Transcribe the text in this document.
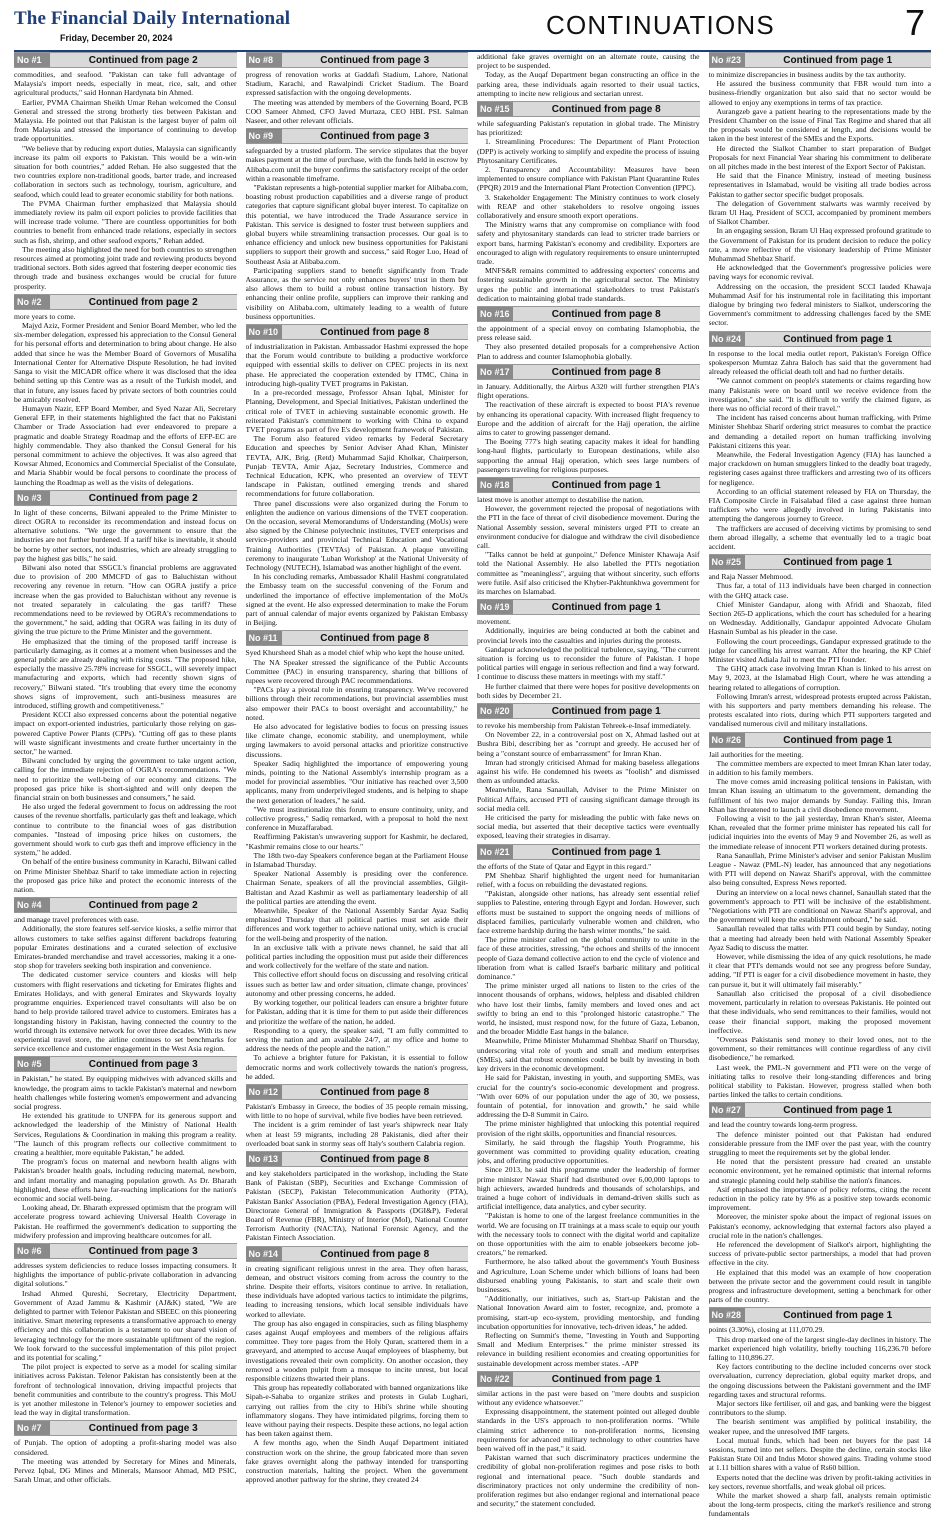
The Financial Daily International
Friday, December 20, 2024	CONTINUATIONS	7
No #1	Continued from page 2

commodities, and seafood. "Pakistan can take full advantage of Malaysia's import needs, especially in meat, rice, salt, and other agricultural products," said Honnan Hardynata bin Ahmed.

Earlier, PVMA Chairman Sheikh Umar Rehan welcomed the Consul General and stressed the strong brotherly ties between Pakistan and Malaysia. He pointed out that Pakistan is the largest buyer of palm oil from Malaysia and stressed the importance of continuing to develop trade opportunities.

"We believe that by reducing export duties, Malaysia can significantly increase its palm oil exports to Pakistan. This would be a win-win situation for both countries," added Rehan. He also suggested that the two countries explore non-traditional goods, barter trade, and increased collaboration in sectors such as technology, tourism, agriculture, and seafood, which could lead to greater economic stability for both nations.

The PVMA Chairman further emphasized that Malaysia should immediately review its palm oil export policies to provide facilities that will increase trade volume. "There are countless opportunities for both countries to benefit from enhanced trade relations, especially in sectors such as fish, shrimp, and other seafood exports," Rehan added.

The meeting also highlighted the need for both countries to strengthen resources aimed at promoting joint trade and reviewing products beyond traditional sectors. Both sides agreed that fostering deeper economic ties through trade and business exchanges would be crucial for future prosperity.

No #2	Continued from page 2

more years to come.

Majyd Aziz, Former President and Senior Board Member, who led the six-member delegation, expressed his appreciation to the Consul General for his personal efforts and determination to bring about change. He also added that since he was the Member Board of Governors of Musaliha International Center for Alternative Dispute Resolution, he had invited Sanga to visit the MICADR office where it was disclosed that the idea behind setting up this Centre was as a result of the Turkish model, and that in future, any issues faced by private sectors of both countries could be amicably resolved.

Humayun Nazir, EFP Board Member, and Syed Nazar Ali, Secretary General EFP, in their statements highlighted the fact that no Pakistani Chamber or Trade Association had ever endeavored to prepare a pragmatic and doable Strategy Roadmap and the efforts of EFP-EC are highly commendable. They also thanked the Consul General for his personal commitment to achieve the objectives. It was also agreed that Kowsar Ahmed, Economics and Commercial Specialist of the Consulate, and Maria Shabbir would be focal persons to coordinate the process of launching the Roadmap as well as the visits of delegations.

No #3	Continued from page 2

In light of these concerns, Bilwani appealed to the Prime Minister to direct OGRA to reconsider its recommendation and instead focus on alternative solutions. "We urge the government to ensure that the industries are not further burdened. If a tariff hike is inevitable, it should be borne by other sectors, not industries, which are already struggling to pay the highest gas bills," he said.

Bilwani also noted that SSGCL's financial problems are aggravated due to provision of 200 MMCFD of gas to Baluchistan without recovering any revenue in return. "How can OGRA justify a price increase when the gas provided to Baluchistan without any revenue is not treated separately in calculating the gas tariff? These recommendations need to be reviewed by OGRA's recommendations to the government," he said, adding that OGRA was failing in its duty of giving the true picture to the Prime Minister and the government.

He emphasized that the timing of the proposed tariff increase is particularly damaging, as it comes at a moment when businesses and the general public are already dealing with rising costs. "The proposed hike, especially the massive 25.78% increase for SSGCL, will severely impact manufacturing and exports, which had recently shown signs of recovery," Bilwani stated. "It's troubling that every time the economy shows signs of improvement, such anti-business measures are introduced, stifling growth and competitiveness."

President KCCI also expressed concerns about the potential negative impact on export-oriented industries, particularly those relying on gas-powered Captive Power Plants (CPPs). "Cutting off gas to these plants will waste significant investments and create further uncertainty in the sector," he warned.

Bilwani concluded by urging the government to take urgent action, calling for the immediate rejection of OGRA's recommendations. "We need to prioritize the well-being of our economy and citizens. The proposed gas price hike is short-sighted and will only deepen the financial strain on both businesses and consumers," he said.

He also urged the federal government to focus on addressing the root causes of the revenue shortfalls, particularly gas theft and leakage, which continue to contribute to the financial woes of gas distribution companies. "Instead of imposing price hikes on customers, the government should work to curb gas theft and improve efficiency in the system," he added.

On behalf of the entire business community in Karachi, Bilwani called on Prime Minister Shehbaz Sharif to take immediate action in rejecting the proposed gas price hike and protect the economic interests of the nation.

No #4	Continued from page 2

and manage travel preferences with ease.

Additionally, the store features self-service kiosks, a selfie mirror that allows customers to take selfies against different backdrops featuring popular Emirates destinations and a curated selection of exclusive Emirates-branded merchandise and travel accessories, making it a one-stop shop for travelers seeking both inspiration and convenience.

The dedicated customer service counters and kiosks will help customers with flight reservations and ticketing for Emirates flights and Emirates Holidays, and with general Emirates and Skywards loyalty programme enquiries. Experienced travel consultants will also be on hand to help provide tailored travel advice to customers. Emirates has a longstanding history in Pakistan, having connected the country to the world through its extensive network for over three decades. With its new experiential travel store, the airline continues to set benchmarks for service excellence and customer engagement in the West Asia region.

No #5	Continued from page 3

in Pakistan," he stated. By equipping midwives with advanced skills and knowledge, the program aims to tackle Pakistan's maternal and newborn health challenges while fostering women's empowerment and advancing social progress.

He extended his gratitude to UNFPA for its generous support and acknowledged the leadership of the Ministry of National Health Services, Regulations & Coordination in making this program a reality. "The launch of this program reflects our collective commitment to creating a healthier, more equitable Pakistan," he added.

The program's focus on maternal and newborn health aligns with Pakistan's broader health goals, including reducing maternal, newborn, and infant mortality and managing population growth. As Dr. Bharath highlighted, these efforts have far-reaching implications for the nation's economic and social well-being.

Looking ahead, Dr. Bharath expressed optimism that the program will accelerate progress toward achieving Universal Health Coverage in Pakistan. He reaffirmed the government's dedication to supporting the midwifery profession and improving healthcare outcomes for all.

No #6	Continued from page 3

addresses system deficiencies to reduce losses impacting consumers. It highlights the importance of public-private collaboration in advancing digital solutions."

Irshad Ahmed Qureshi, Secretary, Electricity Department, Government of Azad Jammu & Kashmir (AJ&K) stated, "We are delighted to partner with Telenor Pakistan and SBEEC on this pioneering initiative. Smart metering represents a transformative approach to energy efficiency and this collaboration is a testament to our shared vision of leveraging technology for the more sustainable upliftment of the region. We look forward to the successful implementation of this pilot project and its potential for scaling."

The pilot project is expected to serve as a model for scaling similar initiatives across Pakistan. Telenor Pakistan has consistently been at the forefront of technological innovation, driving impactful projects that benefit communities and contribute to the country's progress. This MoU is yet another milestone in Telenor's journey to empower societies and lead the way in digital transformation.

No #7	Continued from page 3

of Punjab. The option of adopting a profit-sharing model was also considered.

The meeting was attended by Secretary for Mines and Minerals, Pervez Iqbal, DG Mines and Minerals, Mansoor Ahmad, MD PSIC, Sarah Umar, and other officials.

No #8	Continued from page 3

progress of renovation works at Gaddafi Stadium, Lahore, National Stadium, Karachi, and Rawalpindi Cricket Stadium. The Board expressed satisfaction with the ongoing developments.

The meeting was attended by members of the Governing Board, PCB COO Sameer Ahmed, CFO Javed Murtaza, CEO HBL PSL Salman Naseer, and other relevant officials.

No #9	Continued from page 3

safeguarded by a trusted platform. The service stipulates that the buyer makes payment at the time of purchase, with the funds held in escrow by Alibaba.com until the buyer confirms the satisfactory receipt of the order within a reasonable timeframe.

"Pakistan represents a high-potential supplier market for Alibaba.com, boasting robust production capabilities and a diverse range of product categories that capture significant global buyer interest. To capitalize on this potential, we have introduced the Trade Assurance service in Pakistan. This service is designed to foster trust between suppliers and global buyers while streamlining transaction processes. Our goal is to enhance efficiency and unlock new business opportunities for Pakistani suppliers to support their growth and success," said Roger Luo, Head of Southeast Asia at Alibaba.com.

Participating suppliers stand to benefit significantly from Trade Assurance, as the service not only enhances buyers' trust in them but also allows them to build a robust online transaction history. By enhancing their online profile, suppliers can improve their ranking and visibility on Alibaba.com, ultimately leading to a wealth of future business opportunities.

No #10	Continued from page 8

of industrialization in Pakistan. Ambassador Hashmi expressed the hope that the Forum would contribute to building a productive workforce equipped with essential skills to deliver on CPEC projects in its next phase. He appreciated the cooperation extended by ITMC, China in introducing high-quality TVET programs in Pakistan.

In a pre-recorded message, Professor Ahsan Iqbal, Minister for Planning, Development, and Special Initiatives, Pakistan underlined the critical role of TVET in achieving sustainable economic growth. He reiterated Pakistan's commitment to working with China to expand TVET programs as part of five E's development framework of Pakistan.

The Forum also featured video remarks by Federal Secretary Education and speeches by Senior Adviser Ahad Khan, Minister TEVTA, AJK, Brig. (Retd) Muhammad Sajid Kholkar, Chairperson, Punjab TEVTA, Amir Ajaz, Secretary Industries, Commerce and Technical Education, KPK, who presented an overview of TEVT landscape in Pakistan, outlined emerging trends and shared recommendations for future collaboration.

Three panel discussions were also organized during the Forum to enlighten the audience on various dimensions of the TVET cooperation. On the occasion, several Memorandums of Understanding (MoUs) were also signed by the Chinese polytechnic institutes, TVET enterprises and service-providers and provincial Technical Education and Vocational Training Authorities (TEVTAs) of Pakistan. A plaque unveiling ceremony to inaugurate 'Luban Workshop' at the National University of Technology (NUTECH), Islamabad was another highlight of the event.

In his concluding remarks, Ambassador Khalil Hashmi congratulated the Embassy team on the successful convening of the Forum and underlined the importance of effective implementation of the MoUs signed at the event. He also expressed determination to make the Forum part of annual calendar of major events organized by Pakistan Embassy in Beijing.

No #11	Continued from page 8

Syed Khursheed Shah as a model chief whip who kept the house united.

The NA Speaker stressed the significance of the Public Accounts Committee (PAC) in ensuring transparency, sharing that billions of rupees were recovered through PAC recommendations.

"PACs play a pivotal role in ensuring transparency. We've recovered billions through their recommendations, but provincial assemblies must also empower their PACs to boost oversight and accountability," he noted.

He also advocated for legislative bodies to focus on pressing issues like climate change, economic stability, and unemployment, while urging lawmakers to avoid personal attacks and prioritize constructive discussions.

Speaker Sadiq highlighted the importance of empowering young minds, pointing to the National Assembly's internship program as a model for provincial assemblies. "Our initiative has reached over 3,500 applicants, many from underprivileged students, and is helping to shape the next generation of leaders," he said.

"We must institutionalize this forum to ensure continuity, unity, and collective progress," Sadiq remarked, with a proposal to hold the next conference in Muzaffarabad.

Reaffirming Pakistan's unwavering support for Kashmir, he declared, "Kashmir remains close to our hearts."

The 18th two-day Speakers conference began at the Parliament House in Islamabad Thursday.

Speaker National Assembly is presiding over the conference. Chairman Senate, speakers of all the provincial assemblies, Gilgit-Baltistan and Azad Kashmir as well as parliamentary leadership of all the political parties are attending the event.

Meanwhile, Speaker of the National Assembly Sardar Ayaz Sadiq emphasized Thursday that all political parties must set aside their differences and work together to achieve national unity, which is crucial for the well-being and prosperity of the nation.

In an exclusive talk with a private news channel, he said that all political parties including the opposition must put aside their differences and work collectively for the welfare of the state and nation.

This collective effort should focus on discussing and resolving critical issues such as better law and order situation, climate change, provinces' autonomy and other pressing concerns, he added.

By working together, our political leaders can ensure a brighter future for Pakistan, adding that it is time for them to put aside their differences and prioritize the welfare of the nation, he added.

Responding to a query, the speaker said, "I am fully committed to serving the nation and am available 24/7, at my office and home to address the needs of the people and the nation."

To achieve a brighter future for Pakistan, it is essential to follow democratic norms and work collectively towards the nation's progress, he added.

No #12	Continued from page 8

Pakistan's Embassy in Greece, the bodies of 35 people remain missing, with little to no hope of survival, while five bodies have been retrieved.

The incident is a grim reminder of last year's shipwreck near Italy when at least 59 migrants, including 28 Pakistanis, died after their overloaded boat sank in stormy seas off Italy's southern Calabria region.

No #13	Continued from page 8

and key stakeholders participated in the workshop, including the State Bank of Pakistan (SBP), Securities and Exchange Commission of Pakistan (SECP), Pakistan Telecommunication Authority (PTA), Pakistan Banks' Association (PBA), Federal Investigation Agency (FIA), Directorate General of Immigration & Passports (DGI&P), Federal Board of Revenue (FBR), Ministry of Interior (MoI), National Counter Terrorism Authority (NACTA), National Forensic Agency, and the Pakistan Fintech Association.

No #14	Continued from page 8

in creating significant religious unrest in the area. They often harass, demean, and obstruct visitors coming from across the country to the shrine. Despite their efforts, visitors continue to arrive. In retaliation, these individuals have adopted various tactics to intimidate the pilgrims, leading to increasing tensions, which local sensible individuals have worked to alleviate.

The group has also engaged in conspiracies, such as filing blasphemy cases against Auqaf employees and members of the religious affairs committee. They tore pages from the Holy Quran, scattered them in a graveyard, and attempted to accuse Auqaf employees of blasphemy, but investigations revealed their own complicity. On another occasion, they removed a wooden pulpit from a mosque to incite unrest, but local responsible citizens thwarted their plans.

This group has repeatedly collaborated with banned organizations like Sipah-e-Sahaba to organize strikes and protests in Gulab Lughari, carrying out rallies from the city to Hibi's shrine while shouting inflammatory slogans. They have intimidated pilgrims, forcing them to leave without paying their respects. Despite these actions, no legal action has been taken against them.

A few months ago, when the Sindh Auqaf Department initiated construction work on the shrine, the group fabricated more than seven fake graves overnight along the pathway intended for transporting construction materials, halting the project. When the government approved another pathway for the shrine, they created 24

additional fake graves overnight on an alternate route, causing the project to be suspended.

Today, as the Auqaf Department began constructing an office in the parking area, these individuals again resorted to their usual tactics, attempting to incite new religious and sectarian unrest.

No #15	Continued from page 8

while safeguarding Pakistan's reputation in global trade. The Ministry has prioritized:

1. Streamlining Procedures: The Department of Plant Protection (DPP) is actively working to simplify and expedite the process of issuing Phytosanitary Certificates.

2. Transparency and Accountability: Measures have been implemented to ensure compliance with Pakistan Plant Quarantine Rules (PPQR) 2019 and the International Plant Protection Convention (IPPC).

3. Stakeholder Engagement: The Ministry continues to work closely with REAP and other stakeholders to resolve ongoing issues collaboratively and ensure smooth export operations.

The Ministry warns that any compromise on compliance with food safety and phytosanitary standards can lead to stricter trade barriers or export bans, harming Pakistan's economy and credibility. Exporters are encouraged to align with regulatory requirements to ensure uninterrupted trade.

MNFS&R remains committed to addressing exporters' concerns and fostering sustainable growth in the agricultural sector. The Ministry urges the public and international stakeholders to trust Pakistan's dedication to maintaining global trade standards.

No #16	Continued from page 8

the appointment of a special envoy on combating Islamophobia, the press release said.

They also presented detailed proposals for a comprehensive Action Plan to address and counter Islamophobia globally.

No #17	Continued from page 8

in January. Additionally, the Airbus A320 will further strengthen PIA's flight operations.

The reactivation of these aircraft is expected to boost PIA's revenue by enhancing its operational capacity. With increased flight frequency to Europe and the addition of aircraft for the Hajj operation, the airline aims to cater to growing passenger demand.

The Boeing 777's high seating capacity makes it ideal for handling long-haul flights, particularly to European destinations, while also supporting the annual Hajj operation, which sees large numbers of passengers traveling for religious purposes.

No #18	Continued from page 1

latest move is another attempt to destabilise the nation.

However, the government rejected the proposal of negotiations with the PTI in the face of threat of civil disobedience movement. During the National Assembly session, several ministers urged PTI to create an environment conducive for dialogue and withdraw the civil disobedience call.

"Talks cannot be held at gunpoint," Defence Minister Khawaja Asif told the National Assembly. He also labelled the PTI's negotiation committee as "meaningless", arguing that without sincerity, such efforts were futile. Asif also criticised the Khyber-Pakhtunkhwa government for its marches on Islamabad.

No #19	Continued from page 1

movement.

Additionally, inquiries are being conducted at both the cabinet and provincial levels into the casualties and injuries during the protests.

Gandapur acknowledged the political turbulence, saying, "The current situation is forcing us to reconsider the future of Pakistan. I hope political parties will engage in serious reflection and find a way forward. I continue to discuss these matters in meetings with my staff."

He further claimed that there were hopes for positive developments on both sides by December 21.

No #20	Continued from page 1

to revoke his membership from Pakistan Tehreek-e-Insaf immediately.

On November 22, in a controversial post on X, Ahmad lashed out at Bushra Bibi, describing her as "corrupt and greedy. He accused her of being a "constant source of embarrassment" for Imran Khan.

Imran had strongly criticised Ahmad for making baseless allegations against his wife. He condemned his tweets as "foolish" and dismissed them as unfounded attacks.

Meanwhile, Rana Sanaullah, Adviser to the Prime Minister on Political Affairs, accused PTI of causing significant damage through its social media cell.

He criticised the party for misleading the public with fake news on social media, but asserted that their deceptive tactics were eventually exposed, leaving their strategies in disarray.

No #21	Continued from page 1

the efforts of the State of Qatar and Egypt in this regard."

PM Shehbaz Sharif highlighted the urgent need for humanitarian relief, with a focus on rebuilding the devastated regions.

"Pakistan, alongside other nations, has already sent essential relief supplies to Palestine, entering through Egypt and Jordan. However, such efforts must be sustained to support the ongoing needs of millions of displaced families, particularly vulnerable women and children, who face extreme hardship during the harsh winter months," he said.

The prime minister called on the global community to unite in the face of these atrocities, stressing, "the echoes and shrills of the innocent people of Gaza demand collective action to end the cycle of violence and liberation from what is called Israel's barbaric military and political dominance."

The prime minister urged all nations to listen to the cries of the innocent thousands of orphans, widows, helpless and disabled children who have lost their limbs, family members and loved ones and act swiftly to bring an end to this "prolonged historic catastrophe." The world, he insisted, must respond now, for the future of Gaza, Lebanon, and the broader Middle East hangs in the balance.

Meanwhile, Prime Minister Muhammad Shehbaz Sharif on Thursday, underscoring vital role of youth and small and medium enterprises (SMEs), said that robust economies could be built by investing in both key drivers in the economic development.

He said for Pakistan, investing in youth, and supporting SMEs, was crucial for the country's socio-economic development and progress. "With over 60% of our population under the age of 30, we possess, fountain of potential, for innovation and growth," he said while addressing the D-8 Summit in Cairo.

The prime minister highlighted that unlocking this potential required provision of the right skills, opportunities and financial resources.

Similarly, he said through the flagship Youth Programme, his government was committed to providing quality education, creating jobs, and offering productive opportunities.

Since 2013, he said this programme under the leadership of former prime minister Nawaz Sharif had distributed over 6,00,000 laptops to high achievers, awarded hundreds and thousands of scholarships, and trained a huge cohort of individuals in demand-driven skills such as artificial intelligence, data analytics, and cyber security.

"Pakistan is home to one of the largest freelance communities in the world. We are focusing on IT trainings at a mass scale to equip our youth with the necessary tools to connect with the digital world and capitalize on those opportunities with the aim to enable jobseekers become job-creators," he remarked.

Furthermore, he also talked about the government's Youth Business and Agriculture, Loan Scheme under which billions of loans had been disbursed enabling young Pakistanis, to start and scale their own businesses.

"Additionally, our initiatives, such as, Start-up Pakistan and the National Innovation Award aim to foster, recognize, and, promote a promising, start-up eco-system, providing mentorship, and funding incubation opportunities for innovative, tech-driven ideas," he added.

Reflecting on Summit's theme, "Investing in Youth and Supporting Small and Medium Enterprises." the prime minister stressed its relevance in building resilient economies and creating opportunities for sustainable development across member states. -APP

No #22	Continued from page 1

similar actions in the past were based on "mere doubts and suspicion without any evidence whatsoever."

Expressing disappointment, the statement pointed out alleged double standards in the US's approach to non-proliferation norms. "While claiming strict adherence to non-proliferation norms, licensing requirements for advanced military technology to other countries have been waived off in the past," it said.

Pakistan warned that such discriminatory practices undermine the credibility of global non-proliferation regimes and pose risks to both regional and international peace. "Such double standards and discriminatory practices not only undermine the credibility of non-proliferation regimes but also endanger regional and international peace and security," the statement concluded.

No #23	Continued from page 1

to minimize discrepancies in business audits by the tax authority.

He assured the business community that FBR would turn into a business-friendly organization but also said that no sector would be allowed to enjoy any exemptions in terms of tax practice.

Aurangzeb gave a patient hearing to the representations made by the President Chamber on the issue of Final Tax Regime and shared that all the proposals would be considered at length, and decisions would be taken in the best interest of the SMEs and the Exports.

He directed the Sialkot Chamber to start preparation of Budget Proposals for next Financial Year sharing his commitment to deliberate on all pitches made in the best interest of the Export Sector of Pakistan.

He said that the Finance Ministry, instead of meeting business representatives in Islamabad, would be visiting all trade bodies across Pakistan to gather sector specific budget proposals.

The delegation of Government stalwarts was warmly received by Ikram Ul Haq, President of SCCI, accompanied by prominent members of Sialkot Chamber.

In an engaging session, Ikram Ul Haq expressed profound gratitude to the Government of Pakistan for its prudent decision to reduce the policy rate, a move reflective of the visionary leadership of Prime Minister Muhammad Shehbaz Sharif.

He acknowledged that the Government's progressive policies were paving ways for economic revival.

Addressing on the occasion, the president SCCI lauded Khawaja Muhammad Asif for his instrumental role in facilitating this important dialogue by bringing two federal ministers to Sialkot, underscoring the Government's commitment to addressing challenges faced by the SME sector.

No #24	Continued from page 1

In response to the local media outlet report, Pakistan's Foreign Office spokesperson Mumtaz Zahra Baloch has said that the government had already released the official death toll and had no further details.

"We cannot comment on people's statements or claims regarding how many Pakistanis were on board until we receive evidence from the investigation," she said. "It is difficult to verify the claimed figure, as there was no official record of their travel."

The incident has raised concerns about human trafficking, with Prime Minister Shehbaz Sharif ordering strict measures to combat the practice and demanding a detailed report on human trafficking involving Pakistani citizens this year.

Meanwhile, the Federal Investigation Agency (FIA) has launched a major crackdown on human smugglers linked to the deadly boat tragedy, registering cases against three traffickers and arresting two of its officers for negligence.

According to an official statement released by FIA on Thursday, the FIA Composite Circle in Faisalabad filed a case against three human traffickers who were allegedly involved in luring Pakistanis into attempting the dangerous journey to Greece.

The traffickers are accused of deceiving victims by promising to send them abroad illegally, a scheme that eventually led to a tragic boat accident.

No #25	Continued from page 1

and Raja Nasser Mehmood.

Thus far, a total of 113 individuals have been charged in connection with the GHQ attack case.

Chief Minister Gandapur, along with Afridi and Shaozab, filed Section 265-D applications, which the court has scheduled for a hearing on Wednesday. Additionally, Gandapur appointed Advocate Ghulam Hasnain Sumbal as his pleader in the case.

Following the court proceedings, Gandapur expressed gratitude to the judge for cancelling his arrest warrant. After the hearing, the KP Chief Minister visited Adiala Jail to meet the PTI founder.

The GHQ attack case involving Imran Khan is linked to his arrest on May 9, 2023, at the Islamabad High Court, where he was attending a hearing related to allegations of corruption.

Following Imran's arrest, widespread protests erupted across Pakistan, with his supporters and party members demanding his release. The protests escalated into riots, during which PTI supporters targeted and vandalised numerous civil and military installations.

No #26	Continued from page 1

Jail authorities for the meeting.

The committee members are expected to meet Imran Khan later today, in addition to his family members.

The move comes amid increasing political tensions in Pakistan, with Imran Khan issuing an ultimatum to the government, demanding the fulfillment of his two major demands by Sunday. Failing this, Imran Khan has threatened to launch a civil disobedience movement.

Following a visit to the jail yesterday, Imran Khan's sister, Aleema Khan, revealed that the former prime minister has repeated his call for judicial inquiries into the events of May 9 and November 26, as well as the immediate release of innocent PTI workers detained during protests.

Rana Sanaullah, Prime Minister's adviser and senior Pakistan Muslim League - Nawaz (PML-N) leader, has announced that any negotiations with PTI will depend on Nawaz Sharif's approval, with the committee also being consulted, Express News reported.

During an interview on a local news channel, Sanaullah stated that the government's approach to PTI will be inclusive of the establishment. "Negotiations with PTI are conditional on Nawaz Sharif's approval, and the government will keep the establishment onboard," he said.

Sanaullah revealed that talks with PTI could begin by Sunday, noting that a meeting had already been held with National Assembly Speaker Ayaz Sadiq to discuss the matter.

However, while dismissing the idea of any quick resolutions, he made it clear that PTI's demands would not see any progress before Sunday, adding, "If PTI is eager for a civil disobedience movement in haste, they can pursue it, but it will ultimately fail miserably."

Sanaullah also criticised the proposal of a civil disobedience movement, particularly in relation to overseas Pakistanis. He pointed out that these individuals, who send remittances to their families, would not cease their financial support, making the proposed movement ineffective.

"Overseas Pakistanis send money to their loved ones, not to the government, so their remittances will continue regardless of any civil disobedience," he remarked.

Last week, the PML-N government and PTI were on the verge of initiating talks to resolve their long-standing differences and bring political stability to Pakistan. However, progress stalled when both parties linked the talks to certain conditions.

No #27	Continued from page 1

and lead the country towards long-term progress.

The defence minister pointed out that Pakistan had endured considerable pressure from the IMF over the past year, with the country struggling to meet the requirements set by the global lender.

He noted that the persistent pressure had created an unstable economic environment, yet he remained optimistic that internal reforms and strategic planning could help stabilise the nation's finances.

Asif emphasised the importance of policy reforms, citing the recent reduction in the policy rate by 9% as a positive step towards economic improvement.

Moreover, the minister spoke about the impact of regional issues on Pakistan's economy, acknowledging that external factors also played a crucial role in the nation's challenges.

He referenced the development of Sialkot's airport, highlighting the success of private-public sector partnerships, a model that had proven effective in the city.

He explained that this model was an example of how cooperation between the private sector and the government could result in tangible progress and infrastructure development, setting a benchmark for other parts of the country.

No #28	Continued from page 1

points (3.30%), closing at 111,070.29.

This drop marked one of the largest single-day declines in history. The market experienced high volatility, briefly touching 116,236.70 before falling to 110,896.27.

Key factors contributing to the decline included concerns over stock overvaluation, currency depreciation, global equity market drops, and the ongoing discussions between the Pakistani government and the IMF regarding taxes and structural reforms.

Major sectors like fertiliser, oil and gas, and banking were the biggest contributors to the slump.

The bearish sentiment was amplified by political instability, the weaker rupee, and the unresolved IMF targets.

Local mutual funds, which had been net buyers for the past 14 sessions, turned into net sellers. Despite the decline, certain stocks like Pakistan State Oil and Indus Motor showed gains. Trading volume stood at 1.11 billion shares with a value of Rs60 billion.

Experts noted that the decline was driven by profit-taking activities in key sectors, revenue shortfalls, and weak global oil prices.

While the market showed a sharp fall, analysts remain optimistic about the long-term prospects, citing the market's resilience and strong fundamentals
